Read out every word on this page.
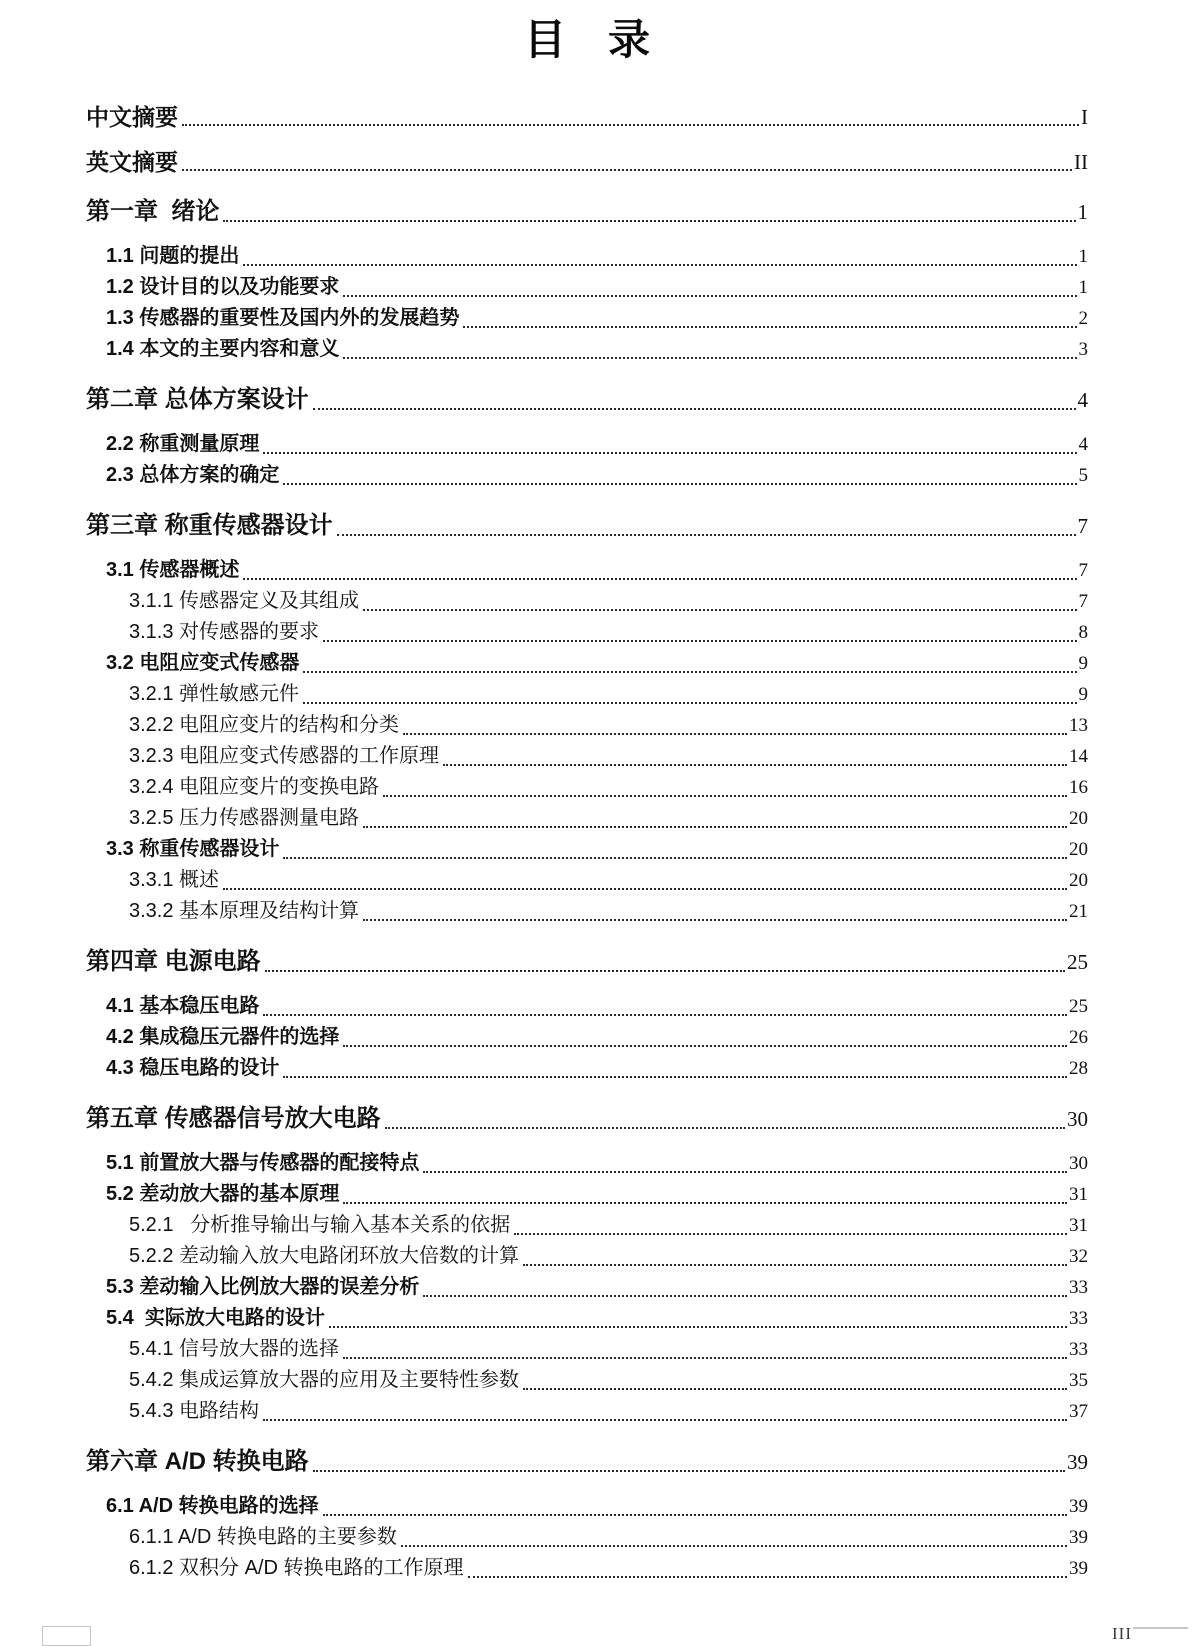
目　录
中文摘要	I
英文摘要	II
第一章  绪论	1
1.1 问题的提出	1
1.2 设计目的以及功能要求	1
1.3 传感器的重要性及国内外的发展趋势	2
1.4 本文的主要内容和意义	3
第二章 总体方案设计	4
2.2 称重测量原理	4
2.3 总体方案的确定	5
第三章 称重传感器设计	7
3.1 传感器概述	7
3.1.1 传感器定义及其组成	7
3.1.3 对传感器的要求	8
3.2 电阻应变式传感器	9
3.2.1 弹性敏感元件	9
3.2.2 电阻应变片的结构和分类	13
3.2.3 电阻应变式传感器的工作原理	14
3.2.4 电阻应变片的变换电路	16
3.2.5 压力传感器测量电路	20
3.3 称重传感器设计	20
3.3.1 概述	20
3.3.2 基本原理及结构计算	21
第四章 电源电路	25
4.1 基本稳压电路	25
4.2 集成稳压元器件的选择	26
4.3 稳压电路的设计	28
第五章 传感器信号放大电路	30
5.1 前置放大器与传感器的配接特点	30
5.2 差动放大器的基本原理	31
5.2.1   分析推导输出与输入基本关系的依据	31
5.2.2 差动输入放大电路闭环放大倍数的计算	32
5.3 差动输入比例放大器的误差分析	33
5.4  实际放大电路的设计	33
5.4.1 信号放大器的选择	33
5.4.2 集成运算放大器的应用及主要特性参数	35
5.4.3 电路结构	37
第六章 A/D 转换电路	39
6.1 A/D 转换电路的选择	39
6.1.1 A/D 转换电路的主要参数	39
6.1.2 双积分 A/D 转换电路的工作原理	39
III
